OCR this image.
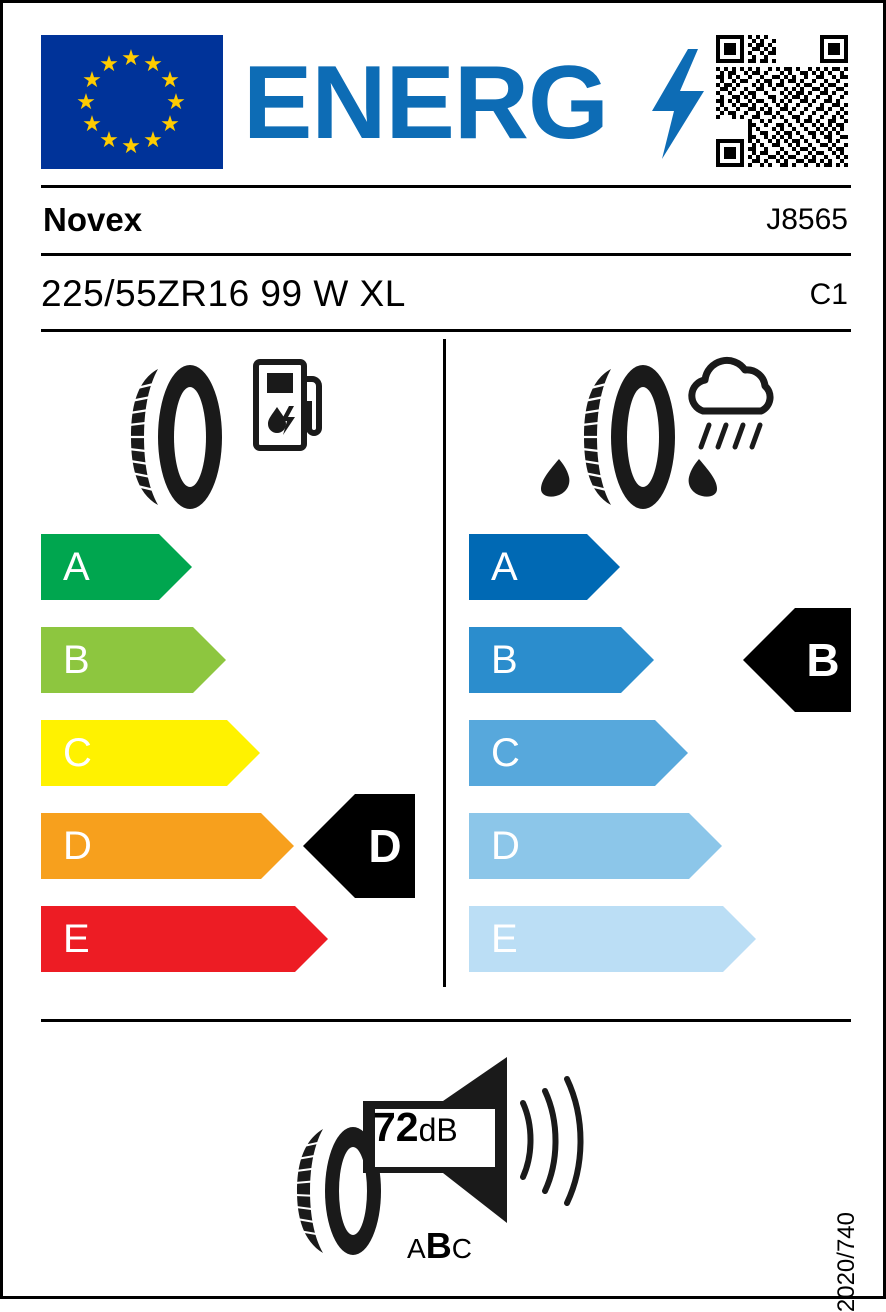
★
★
★
★
★
★ ★ ★
★
★
★
★ ENERG
Novex	J8565
225/55ZR16 99 W XL	C1
A
B
C
D
E
D
A
B
C
D
E
B
72dB
ABC	2020/740
